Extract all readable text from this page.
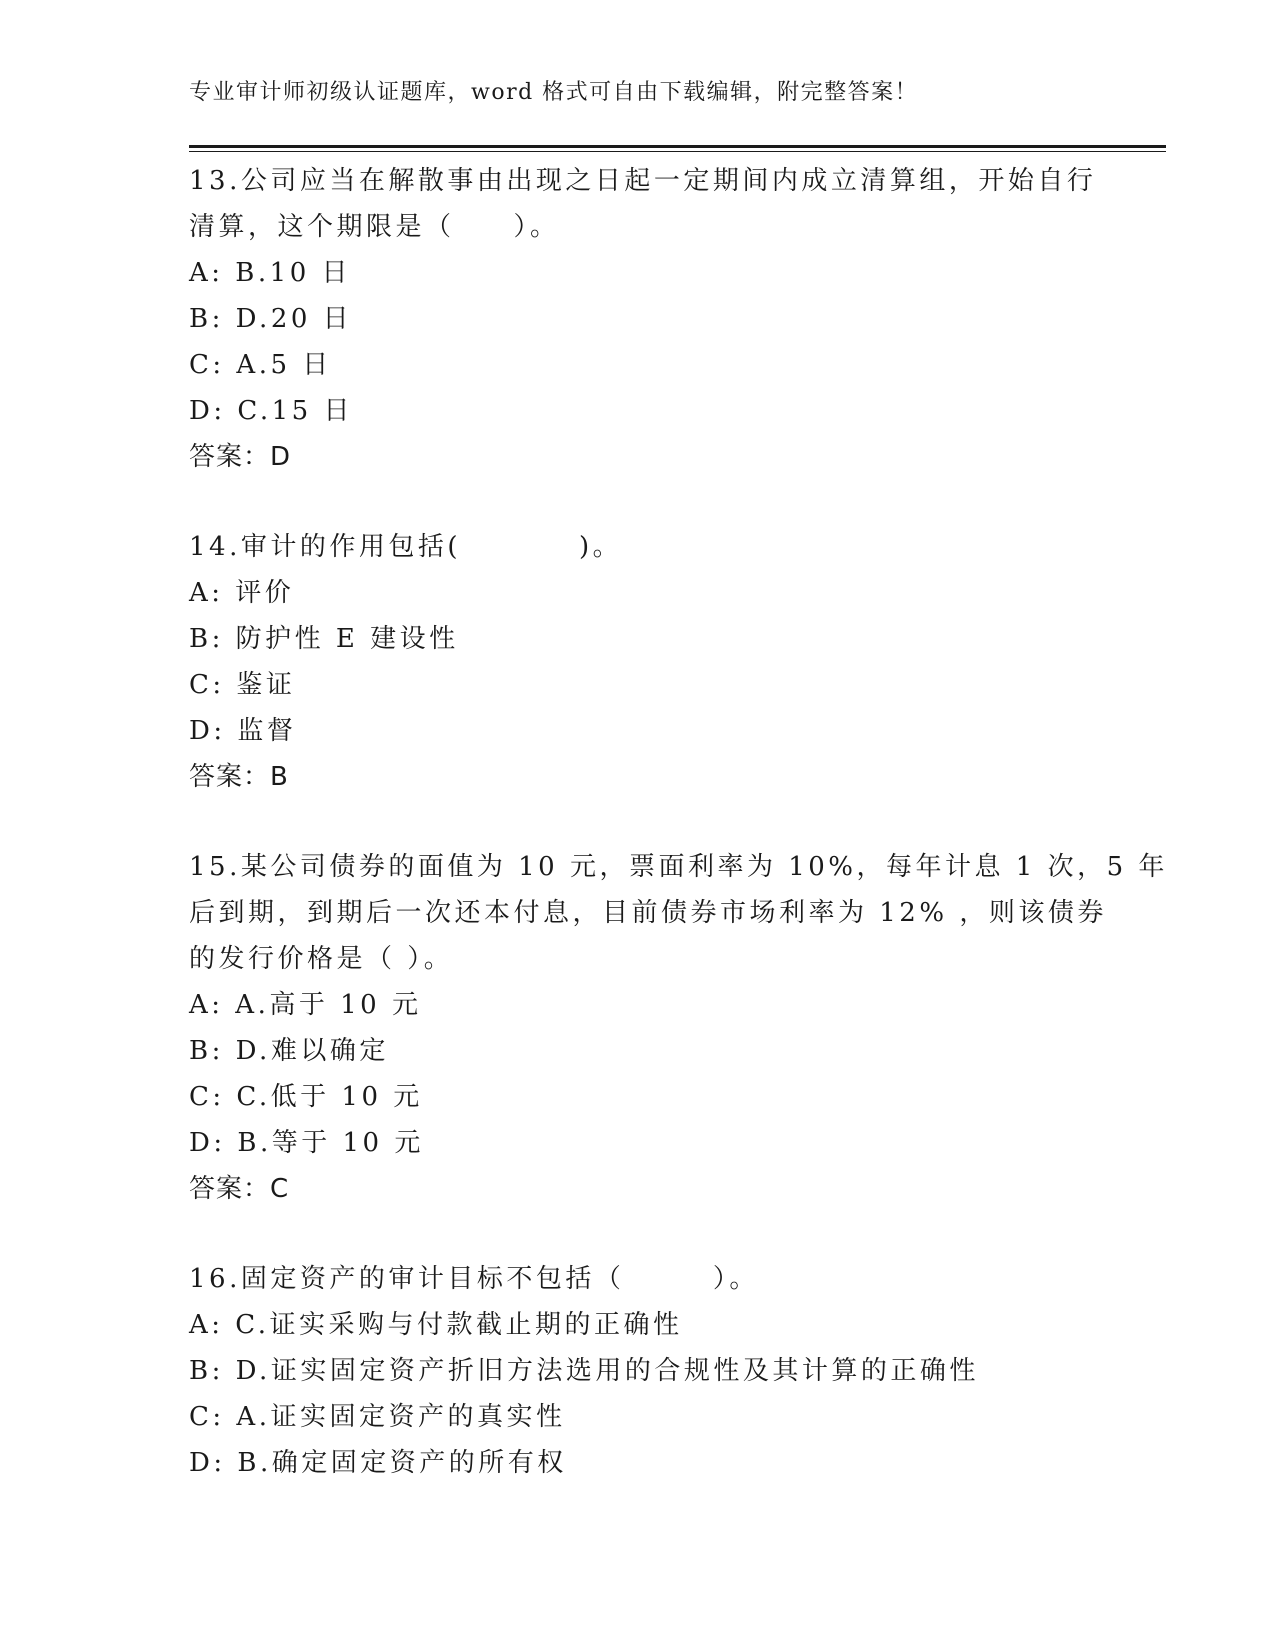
专业审计师初级认证题库，word 格式可自由下载编辑，附完整答案！
13.公司应当在解散事由出现之日起一定期间内成立清算组，开始自行
清算，这个期限是（　　）。
A: B.10 日
B: D.20 日
C: A.5 日
D: C.15 日
答案：D
14.审计的作用包括(　　　　)。
A: 评价
B: 防护性 E 建设性
C: 鉴证
D: 监督
答案：B
15.某公司债券的面值为 10 元，票面利率为 10%，每年计息 1 次，5 年
后到期，到期后一次还本付息，目前债券市场利率为 12% ，则该债券
的发行价格是（ ）。
A: A.高于 10 元
B: D.难以确定
C: C.低于 10 元
D: B.等于 10 元
答案：C
16.固定资产的审计目标不包括（　　　）。
A: C.证实采购与付款截止期的正确性
B: D.证实固定资产折旧方法选用的合规性及其计算的正确性
C: A.证实固定资产的真实性
D: B.确定固定资产的所有权
